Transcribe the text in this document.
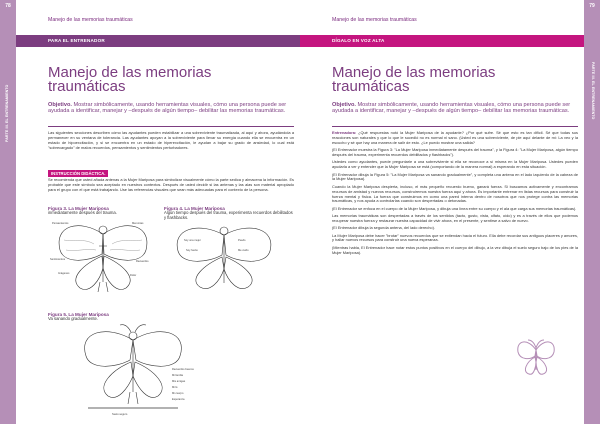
78
PARTE III. EL ENTRENAMIENTO
79
PARTE III. EL ENTRENAMIENTO
PARA EL ENTRENADOR	DÍGALO EN VOZ ALTA
Manejo de las memorias traumáticas
Manejo de las memorias traumáticas
Objetivo. Mostrar simbólicamente, usando herramientas visuales, cómo una persona puede ser ayudada a identificar, manejar y –después de algún tiempo– debilitar las memorias traumáticas.

Las siguientes secciones describen cómo las ayudantes pueden estabilizar a una sobreviviente traumatizada, al aquí y ahora, ayudándola a permanecer en su ventana de tolerancia. Las ayudantes apoyan a la sobreviviente para llevar su energía cuando ella se encuentra en un estado de hipoexcitación, y si se encuentra en un estado de hiperexcitación, le ayudan a bajar su grado de ansiedad, lo cual está "sobrecargado" de malos recuerdos, pensamientos y sentimientos perturbadores.

INSTRUCCIÓN DIDÁCTICA.

Se recomienda que usted añada antenas a la Mujer Mariposa para simbolizar visualmente cómo la parte sedica y almacena la información. Es probable que este símbolo sea aceptado en nuestros contextos. Después de usted decidir si las antenas y las alas son material apropiado para el grupo con el que está trabajando. Use las referencias visuales que sean más adecuadas para el contexto de la persona.

Figura 3. La Mujer Mariposa
inmediatamente después del trauma.
Pensamientos
Sentimientos
Imágenes
Memorias
Recuerdos
Dolor
Figura 4. La Mujer Mariposa
Algún tiempo después del trauma, experimenta recuerdos debilitados y flashbacks.
Soy una mujer
Soy fuerte
Puedo
Me cuido
Figura 5. La Mujer Mariposa
Va sanando gradualmente.
Suelo seguro
Recuerdos buenos
Mi familia
Mis amigas
Mi fe
Mi cuerpo
Esperanza
Manejo de las memorias traumáticas
Manejo de las memorias traumáticas
Objetivo. Mostrar simbólicamente, usando herramientas visuales, cómo una persona puede ser ayudada a identificar, manejar y –después de algún tiempo– debilitar las memorias traumáticas.

Entrenadora: ¿Qué respuestas notó la Mujer Mariposa de la ayudante? ¿Por qué sufre. Sé que esto es tan difícil. Sé que todas sus reacciones son naturales y que lo que le sucedió no es normal ni sano. (Usted es una sobreviviente, de pie aquí delante de mí: La veo y la escucho y sé que hay una manera de salir de esto. ¿Le puedo mostrar una salida?

(El Entrenador muestra la Figura 3: "La Mujer Mariposa inmediatamente después del trauma", y la Figura 4: "La Mujer Mariposa, algún tiempo después del trauma, experimenta recuerdos debilitados y flashbacks").

Ustedes como ayudantes, puede preguntarle a una sobreviviente si ella se reconoce a sí misma en la Mujer Mariposa. Ustedes pueden ayudarla a ver y entender que la Mujer Mariposa se está (comportando de la manera normal) a esperando en esta situación.

(El Entrenador dibuja la Figura 5: "La Mujer Mariposa va sanando gradualmente", y completa una antena en el lado izquierdo de la cabeza de la Mujer Mariposa).

Cuando la Mujer Mariposa despierta, incluso, el más pequeño recuerdo bueno, ganará fuerza. Si buscamos activamente y encontramos recursos de amistad y nuevos recursos, construiremos nuestra fuerza aquí y ahora. Es importante entrenar en listas recursos para construir la fuerza mental y física. La fuerza que construimos en como una pared interna dentro de nosotros que nos protege contra las memorias traumáticas, y nos ayuda a controlarlas cuando son despertadas o detonadas.

(El Entrenador se enfoca en el cuerpo de la Mujer Mariposa, y dibuja una línea entre su cuerpo y el ala que carga sus memorias traumáticas).

Las memorias traumáticas son despertadas a través de los sentidos (tacto, gusto, vista, olfato, oído) y es a través de ellos que podemos recuperar nuestra fuerza y restaurar nuestra capacidad de vivir ahora, en el presente, y sentirse a salvo de nuevo.

(El Entrenador dibuja la segunda antena, del lado derecho).

La Mujer Mariposa debe hacer "brotar" nuevos recuerdos que se extiendan hacia el futuro. Ella debe recordar sus antiguos placeres y amores, y hallar nuevos recursos para construir una nueva esperanza.

(Mientras habla, El Entrenador hace notar estos puntos positivos en el cuerpo del dibujo, a la vez dibuja el suelo seguro bajo de los pies de la Mujer Mariposa).
